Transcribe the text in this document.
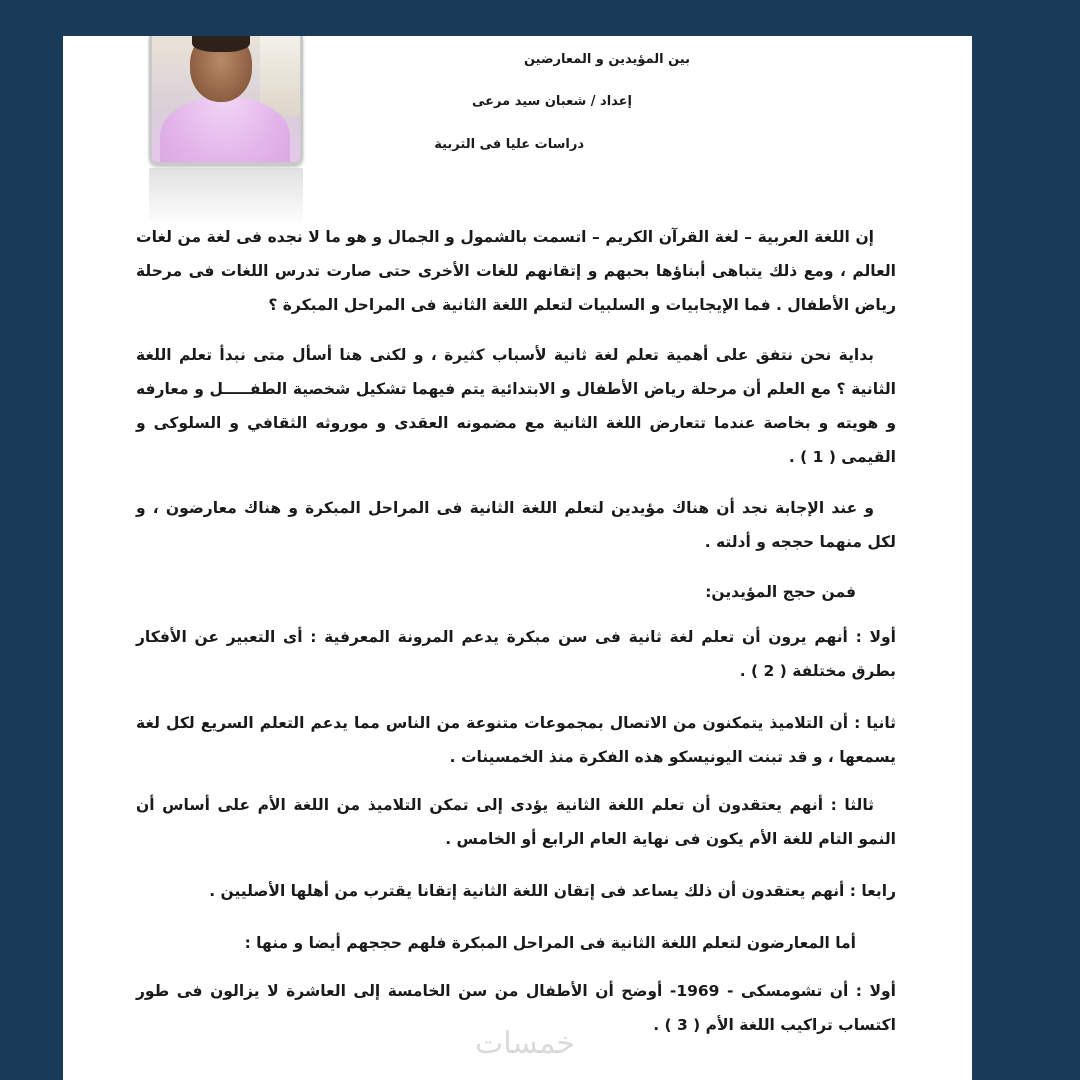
بين المؤيدين و المعارضين
إعداد / شعبان سيد مرعى
دراسات عليا فى التربية

إن اللغة العربية – لغة القرآن الكريم – اتسمت بالشمول و الجمال و هو ما لا نجده فى لغة من لغات العالم ، ومع ذلك يتباهى أبناؤها بحبهم و إتقانهم للغات الأخرى حتى صارت تدرس اللغات فى مرحلة رياض الأطفال . فما الإيجابيات و السلبيات لتعلم اللغة الثانية فى المراحل المبكرة ؟

بداية نحن نتفق على أهمية تعلم لغة ثانية لأسباب كثيرة ، و لكنى هنا أسأل متى نبدأ تعلم اللغة الثانية ؟ مع العلم أن مرحلة رياض الأطفال و الابتدائية يتم فيهما تشكيل شخصية الطفـــــل و معارفه و هويته و بخاصة عندما تتعارض اللغة الثانية مع مضمونه العقدى و موروثه الثقافي و السلوكى و القيمى ( 1 ) .

و عند الإجابة نجد أن هناك مؤيدين لتعلم اللغة الثانية فى المراحل المبكرة و هناك معارضون ، و لكل منهما حججه و أدلته .

فمن حجج المؤيدين:

أولا : أنهم يرون أن تعلم لغة ثانية فى سن مبكرة يدعم المرونة المعرفية : أى التعبير عن الأفكار بطرق مختلفة ( 2 ) .

ثانيا : أن التلاميذ يتمكنون من الاتصال بمجموعات متنوعة من الناس مما يدعم التعلم السريع لكل لغة يسمعها ، و قد تبنت اليونيسكو هذه الفكرة منذ الخمسينات .

ثالثا : أنهم يعتقدون أن تعلم اللغة الثانية يؤدى إلى تمكن التلاميذ من اللغة الأم على أساس أن النمو التام للغة الأم يكون فى نهاية العام الرابع أو الخامس .

رابعا : أنهم يعتقدون أن ذلك يساعد فى إتقان اللغة الثانية إتقانا يقترب من أهلها الأصليين .

أما المعارضون لتعلم اللغة الثانية فى المراحل المبكرة فلهم حججهم أيضا و منها :

أولا : أن تشومسكى - 1969- أوضح أن الأطفال من سن الخامسة إلى العاشرة لا يزالون فى طور اكتساب تراكيب اللغة الأم ( 3 ) .

خمسات
